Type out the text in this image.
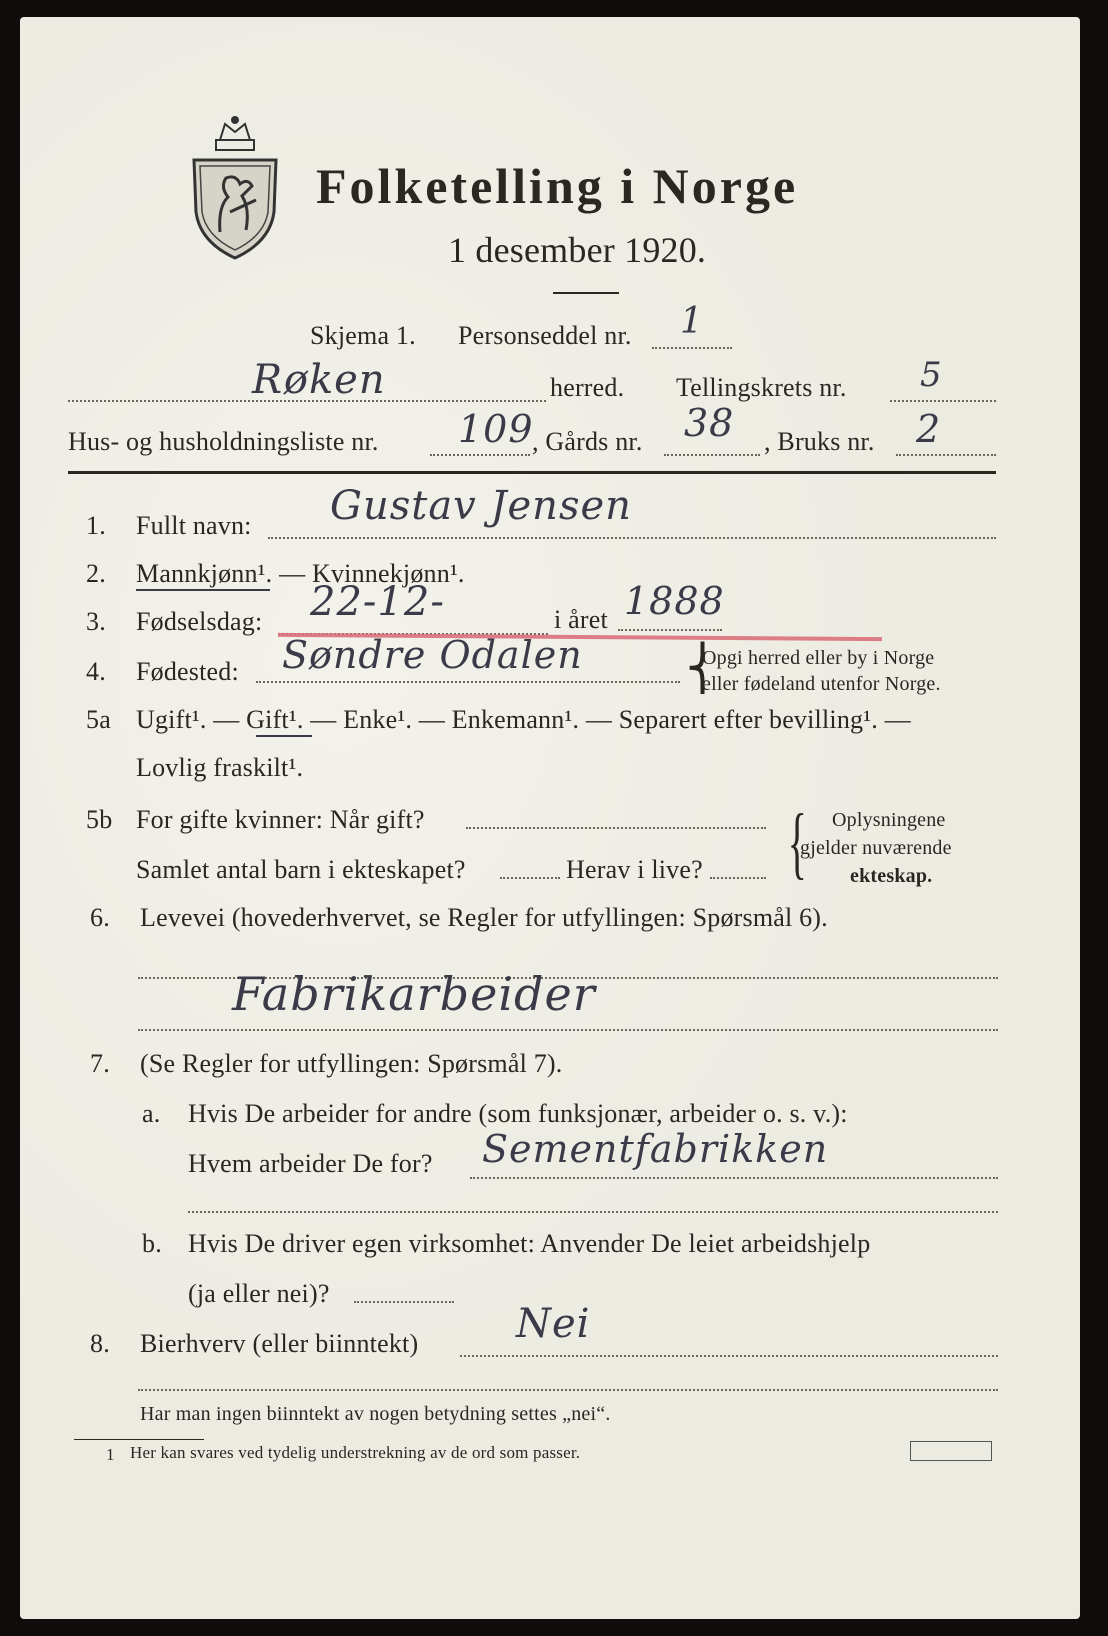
Folketelling i Norge
1 desember 1920.
Skjema 1. Personseddel nr. 1
Røken	herred. Tellingskrets nr. 5
Hus- og husholdningsliste nr. 109
, Gårds nr. 38 , Bruks nr. 2
1. Fullt navn: Gustav Jensen
2. Mannkjønn¹. — Kvinnekjønn¹.
3. Fødselsdag: 22-12-	i året 1888
4. Fødested: Søndre Odalen ⎨
Opgi herred eller by i Norge
eller fødeland utenfor Norge.
5a Ugift¹. — Gift¹. — Enke¹. — Enkemann¹. — Separert efter bevilling¹. —
Lovlig fraskilt¹.
5b For gifte kvinner: Når gift?
Samlet antal barn i ekteskapet?	Herav i live? { Oplysningene
gjelder nuværende
ekteskap.
6. Levevei (hovederhvervet, se Regler for utfyllingen: Spørsmål 6).
Fabrikarbeider
7. (Se Regler for utfyllingen: Spørsmål 7).
a. Hvis De arbeider for andre (som funksjonær, arbeider o. s. v.):
Hvem arbeider De for? Sementfabrikken
b. Hvis De driver egen virksomhet: Anvender De leiet arbeidshjelp
(ja eller nei)?
8. Bierhverv (eller biinntekt) Nei
Har man ingen biinntekt av nogen betydning settes „nei“.
1 Her kan svares ved tydelig understrekning av de ord som passer.
